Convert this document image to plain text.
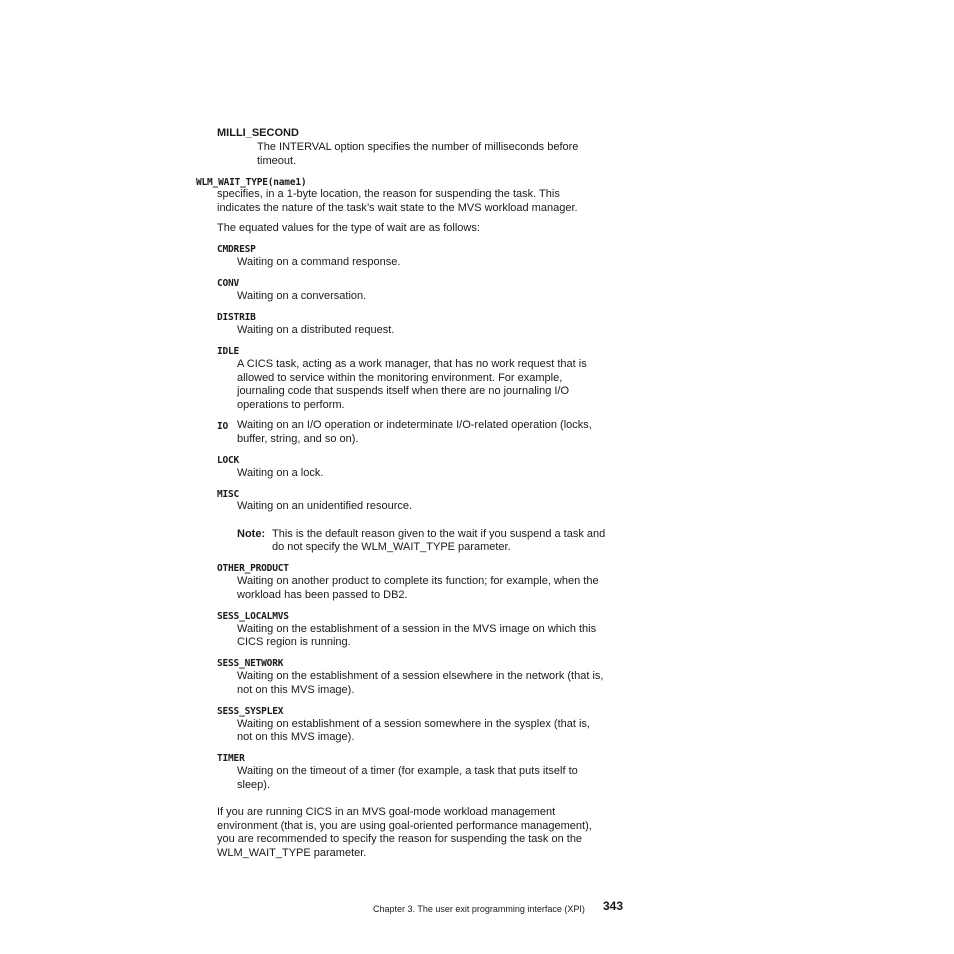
MILLI_SECOND
The INTERVAL option specifies the number of milliseconds before
timeout.
WLM_WAIT_TYPE(name1)
specifies, in a 1-byte location, the reason for suspending the task. This
indicates the nature of the task’s wait state to the MVS workload manager.
The equated values for the type of wait are as follows:
CMDRESP
Waiting on a command response.
CONV
Waiting on a conversation.
DISTRIB
Waiting on a distributed request.
IDLE
A CICS task, acting as a work manager, that has no work request that is
allowed to service within the monitoring environment. For example,
journaling code that suspends itself when there are no journaling I/O
operations to perform.
IO Waiting on an I/O operation or indeterminate I/O-related operation (locks,
buffer, string, and so on).
LOCK
Waiting on a lock.
MISC
Waiting on an unidentified resource.
Note: This is the default reason given to the wait if you suspend a task and
do not specify the WLM_WAIT_TYPE parameter.
OTHER_PRODUCT
Waiting on another product to complete its function; for example, when the
workload has been passed to DB2.
SESS_LOCALMVS
Waiting on the establishment of a session in the MVS image on which this
CICS region is running.
SESS_NETWORK
Waiting on the establishment of a session elsewhere in the network (that is,
not on this MVS image).
SESS_SYSPLEX
Waiting on establishment of a session somewhere in the sysplex (that is,
not on this MVS image).
TIMER
Waiting on the timeout of a timer (for example, a task that puts itself to
sleep).
If you are running CICS in an MVS goal-mode workload management
environment (that is, you are using goal-oriented performance management),
you are recommended to specify the reason for suspending the task on the
WLM_WAIT_TYPE parameter.
Chapter 3. The user exit programming interface (XPI) 343
